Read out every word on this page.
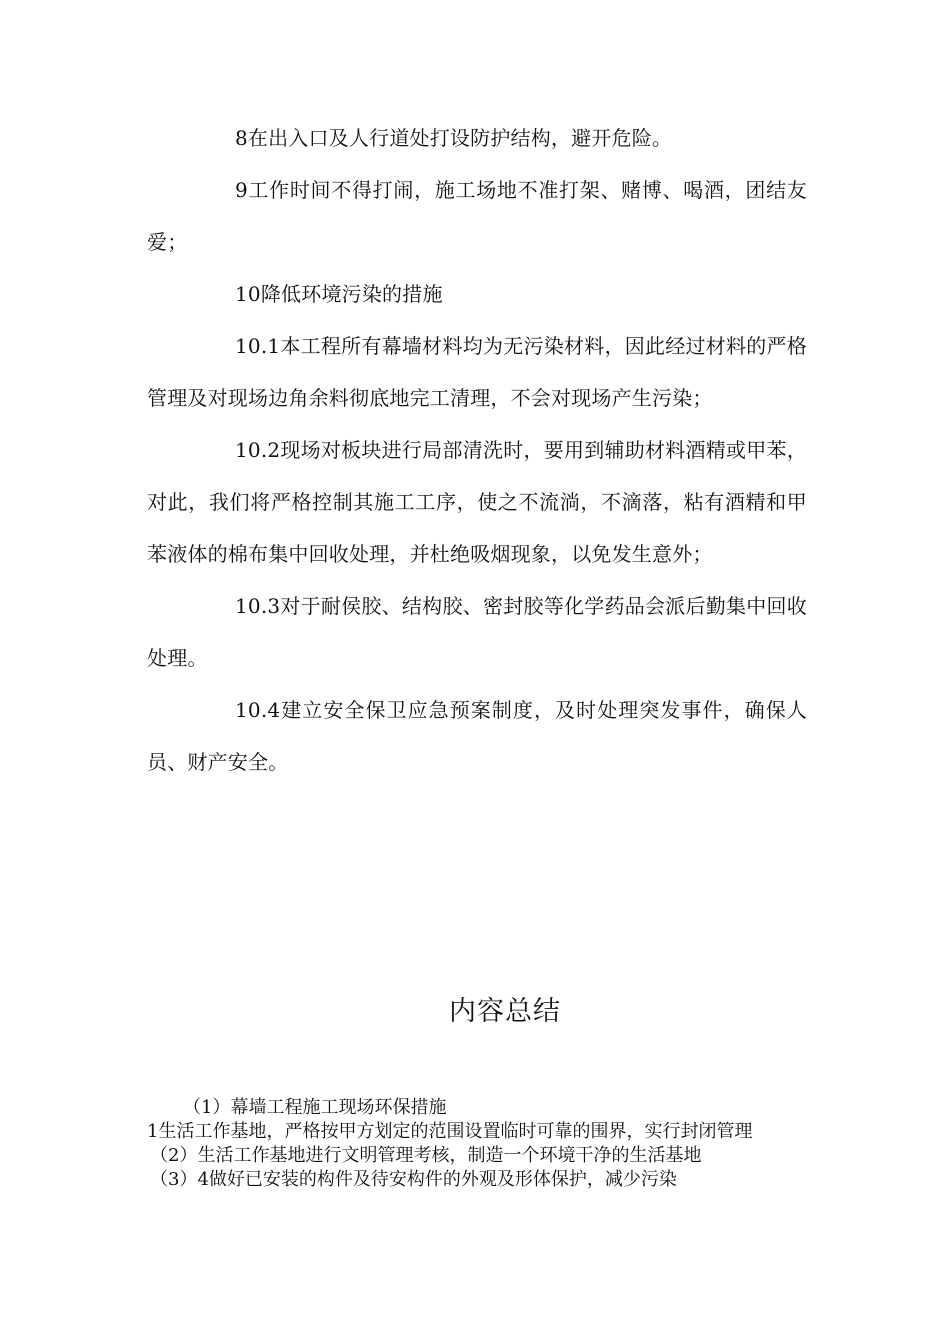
8在出入口及人行道处打设防护结构，避开危险。

9工作时间不得打闹，施工场地不准打架、赌博、喝酒，团结友爱；

10降低环境污染的措施

10.1本工程所有幕墙材料均为无污染材料，因此经过材料的严格管理及对现场边角余料彻底地完工清理，不会对现场产生污染；

10.2现场对板块进行局部清洗时，要用到辅助材料酒精或甲苯，对此，我们将严格控制其施工工序，使之不流淌，不滴落，粘有酒精和甲苯液体的棉布集中回收处理，并杜绝吸烟现象，以免发生意外；

10.3对于耐侯胶、结构胶、密封胶等化学药品会派后勤集中回收处理。

10.4建立安全保卫应急预案制度，及时处理突发事件，确保人员、财产安全。

内容总结

（1）幕墙工程施工现场环保措施

1生活工作基地，严格按甲方划定的范围设置临时可靠的围界，实行封闭管理

（2）生活工作基地进行文明管理考核，制造一个环境干净的生活基地

（3）4做好已安装的构件及待安构件的外观及形体保护，减少污染
